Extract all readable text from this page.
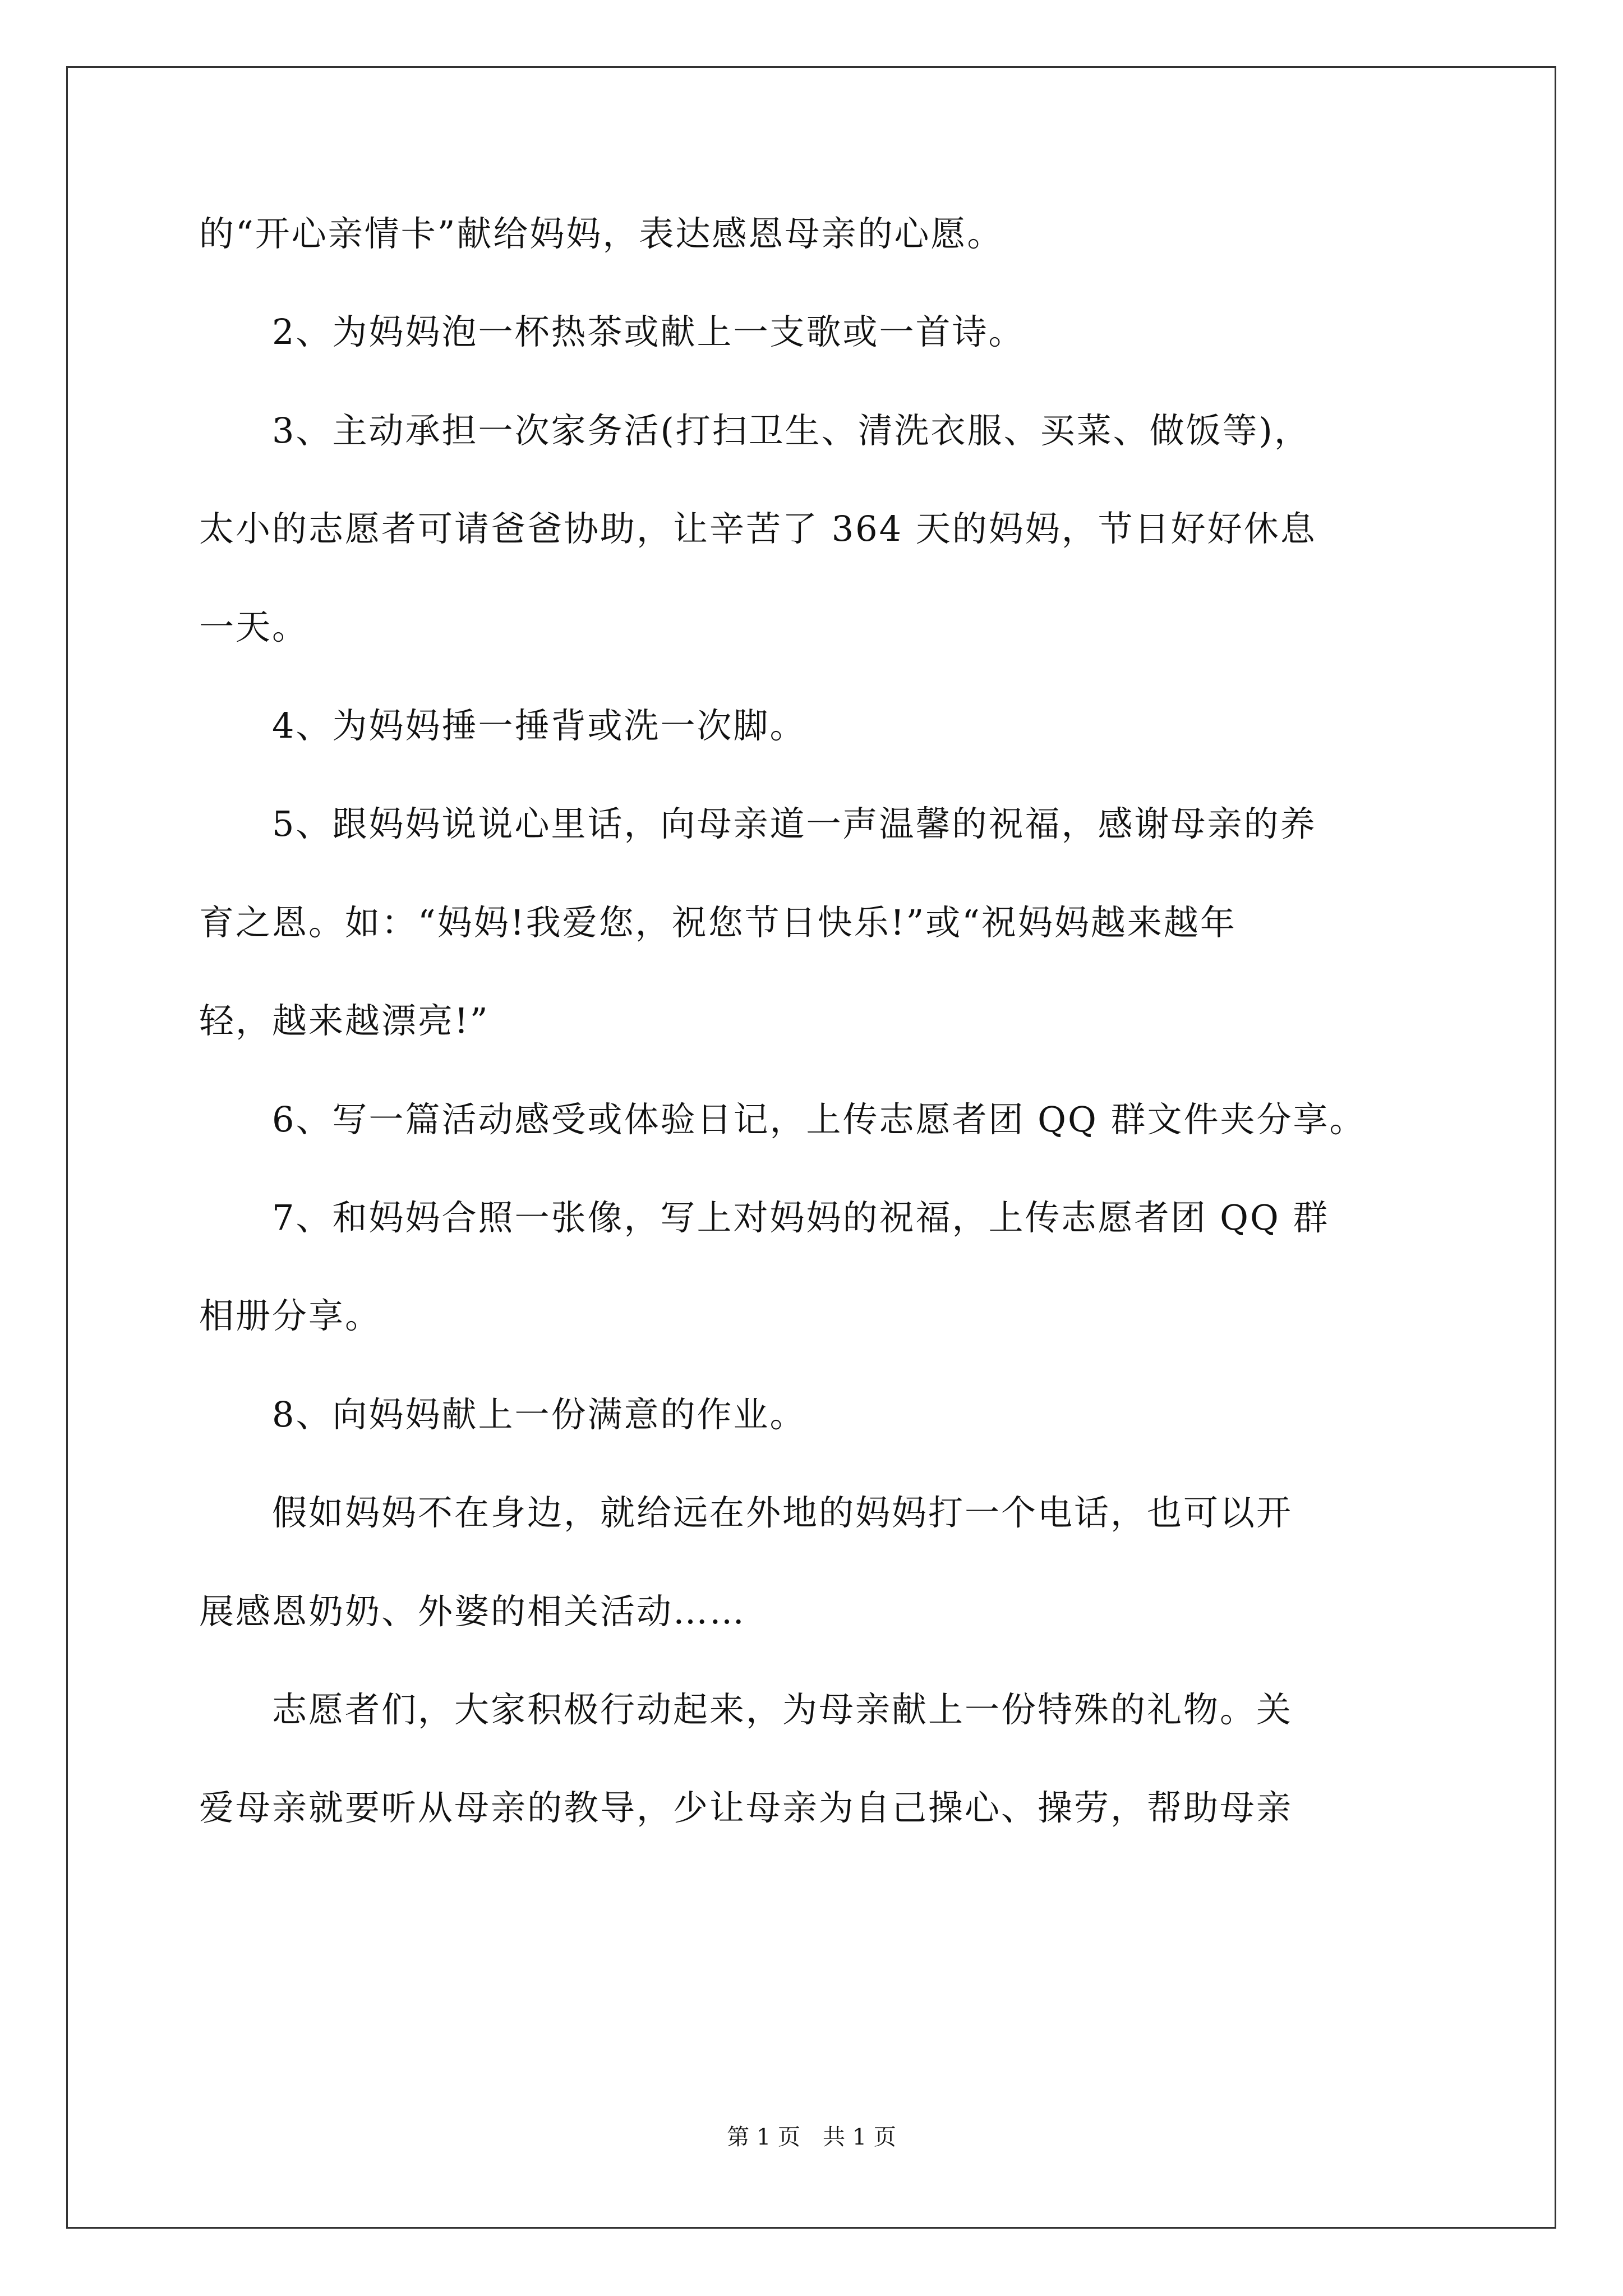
的“开心亲情卡”献给妈妈，表达感恩母亲的心愿。
　　2、为妈妈泡一杯热茶或献上一支歌或一首诗。
　　3、主动承担一次家务活(打扫卫生、清洗衣服、买菜、做饭等)，
太小的志愿者可请爸爸协助，让辛苦了 364 天的妈妈，节日好好休息
一天。
　　4、为妈妈捶一捶背或洗一次脚。
　　5、跟妈妈说说心里话，向母亲道一声温馨的祝福，感谢母亲的养
育之恩。如：“妈妈!我爱您，祝您节日快乐!”或“祝妈妈越来越年
轻，越来越漂亮!”
　　6、写一篇活动感受或体验日记，上传志愿者团 QQ 群文件夹分享。
　　7、和妈妈合照一张像，写上对妈妈的祝福，上传志愿者团 QQ 群
相册分享。
　　8、向妈妈献上一份满意的作业。
　　假如妈妈不在身边，就给远在外地的妈妈打一个电话，也可以开
展感恩奶奶、外婆的相关活动……
　　志愿者们，大家积极行动起来，为母亲献上一份特殊的礼物。关
爱母亲就要听从母亲的教导，少让母亲为自己操心、操劳，帮助母亲
第 1 页　共 1 页
